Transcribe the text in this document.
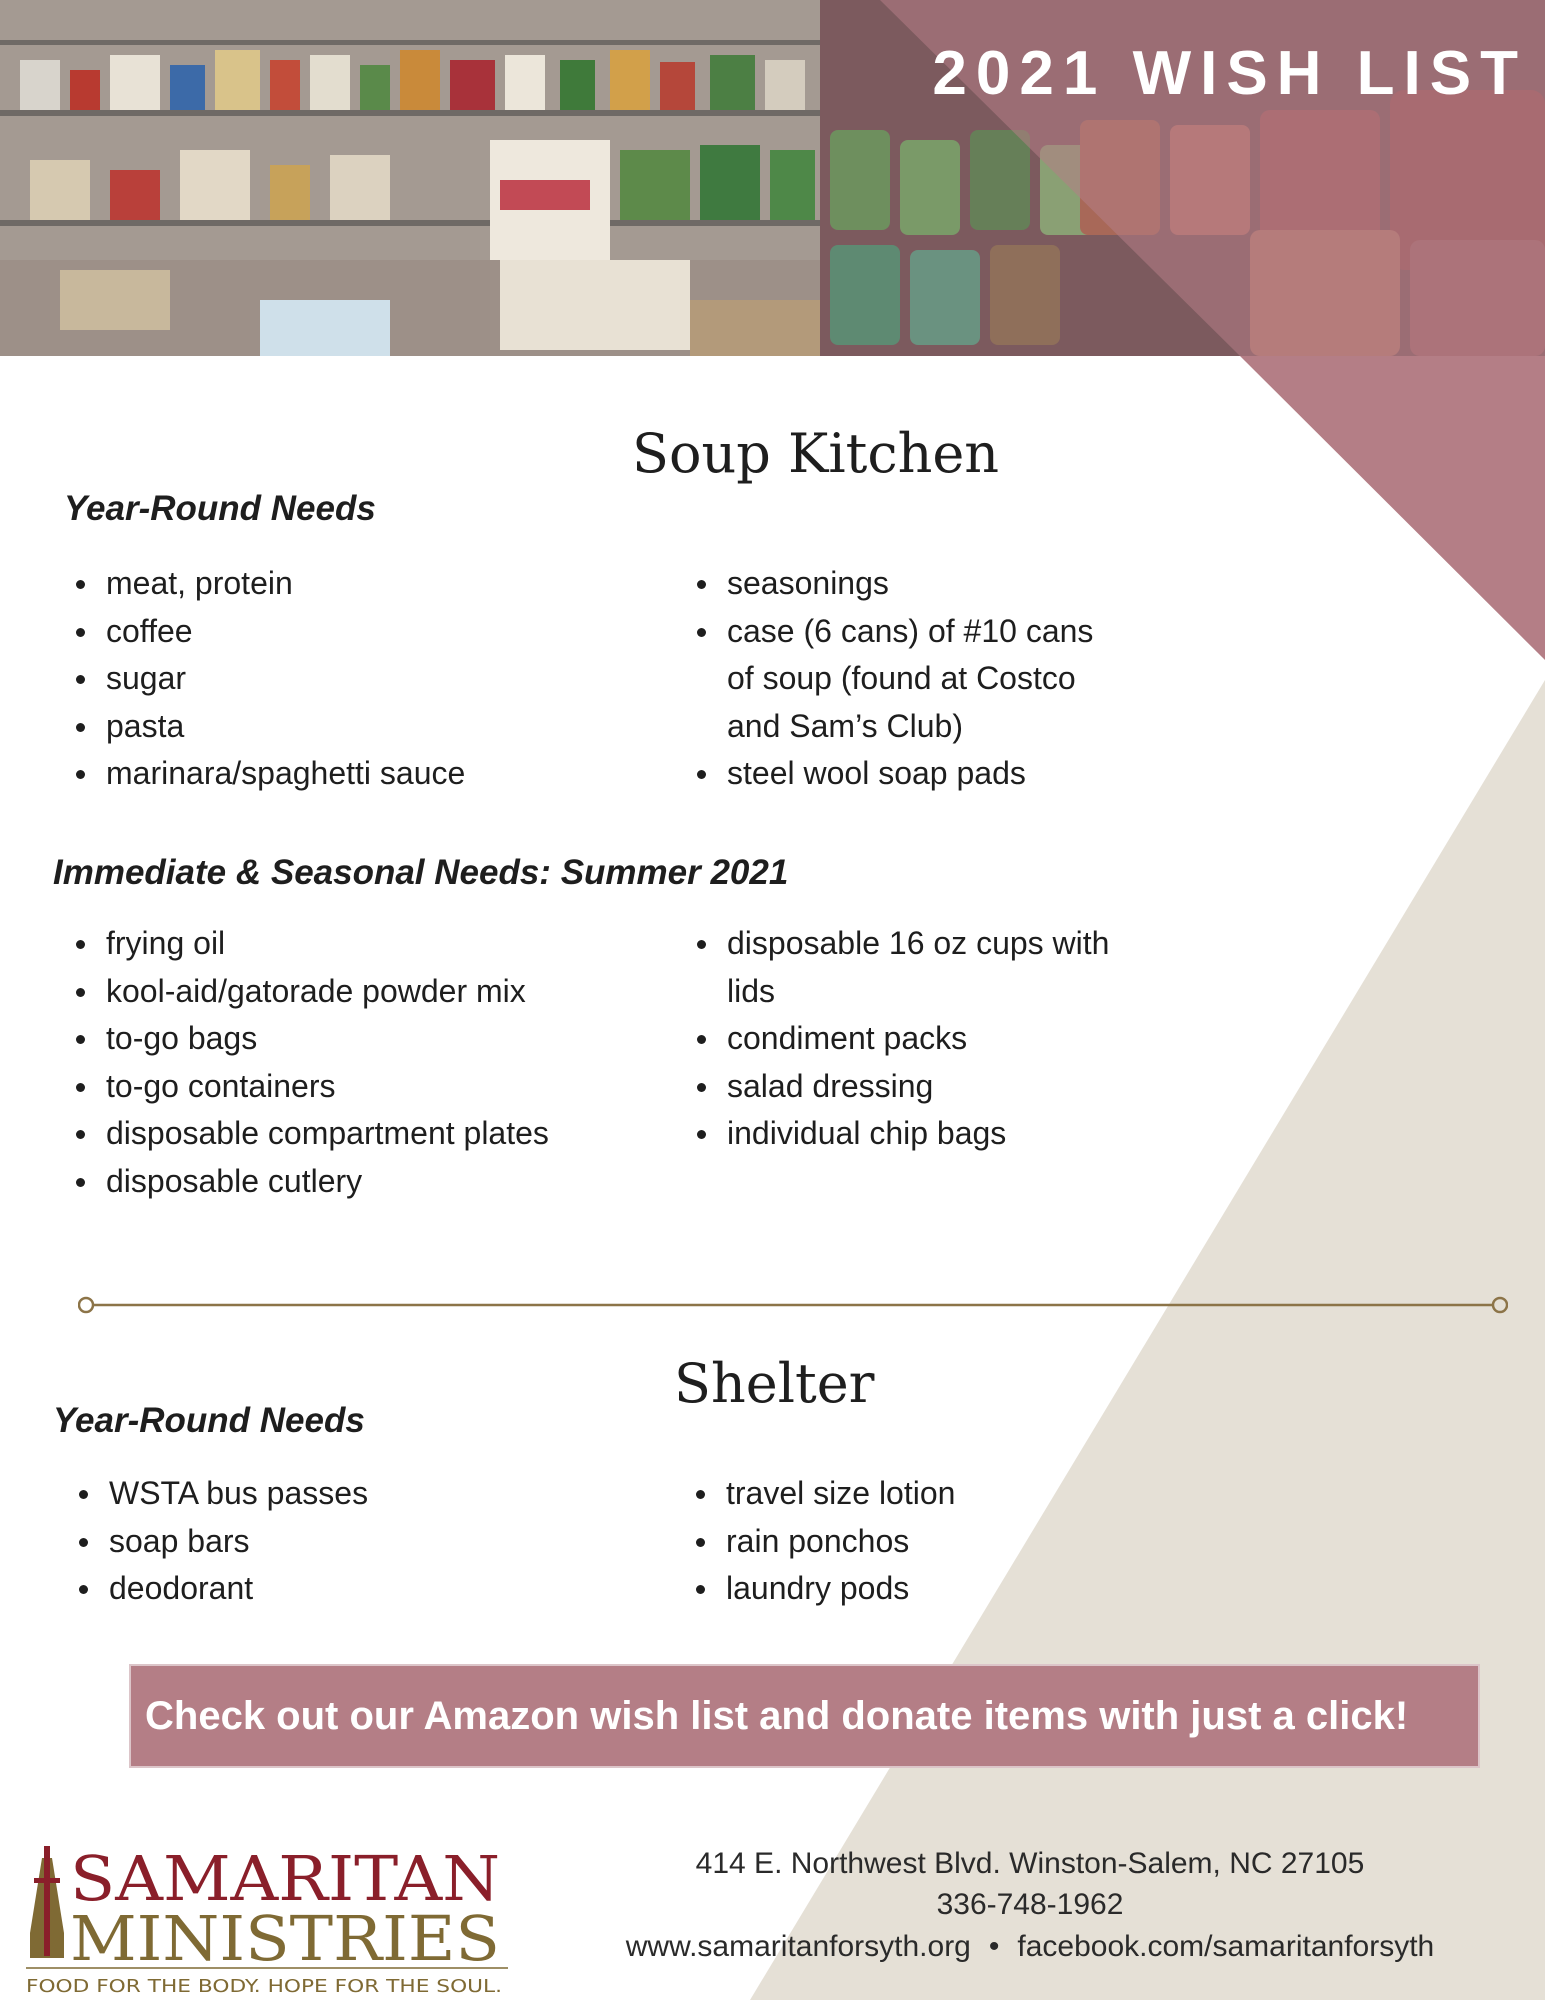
2021 WISH LIST
Soup Kitchen
Year-Round Needs
meat, protein
coffee
sugar
pasta
marinara/spaghetti sauce
seasonings
case (6 cans) of #10 cans of soup (found at Costco and Sam’s Club)
steel wool soap pads
Immediate & Seasonal Needs: Summer 2021
frying oil
kool-aid/gatorade powder mix
to-go bags
to-go containers
disposable compartment plates
disposable cutlery
disposable 16 oz cups with lids
condiment packs
salad dressing
individual chip bags
Shelter
Year-Round Needs
WSTA bus passes
soap bars
deodorant
travel size lotion
rain ponchos
laundry pods
Check out our Amazon wish list and donate items with just a click!
SAMARITAN
MINISTRIES
FOOD FOR THE BODY. HOPE FOR THE SOUL.
414 E. Northwest Blvd. Winston-Salem, NC 27105
336-748-1962
www.samaritanforsyth.org • facebook.com/samaritanforsyth
